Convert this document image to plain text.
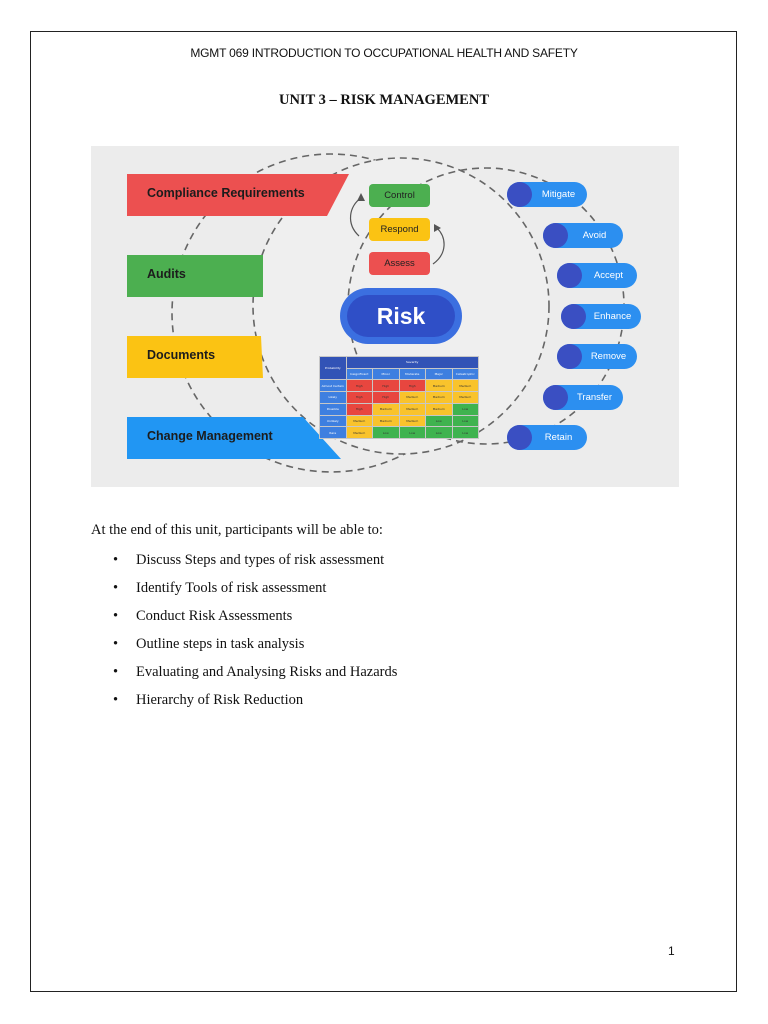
MGMT 069 INTRODUCTION TO OCCUPATIONAL HEALTH AND SAFETY
UNIT 3 – RISK MANAGEMENT
Compliance Requirements
Audits
Documents
Change Management
Control
Respond
Assess
Risk
Probability	Severity				
	Insignificant	Minor	Moderate	Major	Catastrophic
Almost Certain	High	High	High	Medium	Medium
Likely	High	High	Medium	Medium	Medium
Possible	High	Medium	Medium	Medium	Low
Unlikely	Medium	Medium	Medium	Low	Low
Rare	Medium	Low	Low	Low	Low
Mitigate
Avoid
Accept
Enhance
Remove
Transfer
Retain
At the end of this unit, participants will be able to:
• Discuss Steps and types of risk assessment
• Identify Tools of risk assessment
• Conduct Risk Assessments
• Outline steps in task analysis
• Evaluating and Analysing Risks and Hazards
• Hierarchy of Risk Reduction
1
